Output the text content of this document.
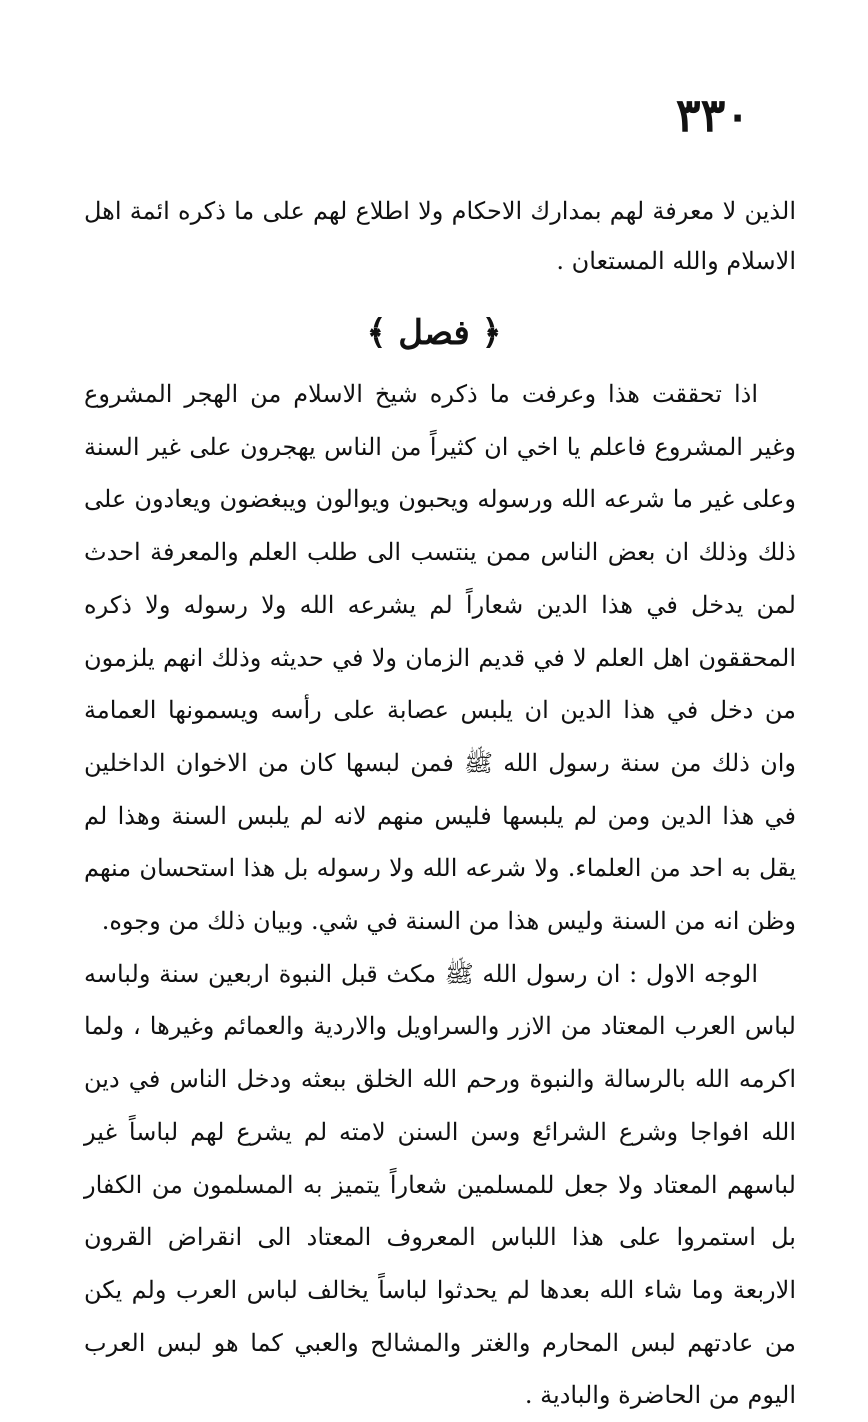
٣٣٠

الذين لا معرفة لهم بمدارك الاحكام ولا اطلاع لهم على ما ذكره ائمة اهل الاسلام والله المستعان .

﴿ فصل ﴾

اذا تحققت هذا وعرفت ما ذكره شيخ الاسلام من الهجر المشروع وغير المشروع فاعلم يا اخي ان كثيراً من الناس يهجرون على غير السنة وعلى غير ما شرعه الله ورسوله ويحبون ويوالون ويبغضون ويعادون على ذلك وذلك ان بعض الناس ممن ينتسب الى طلب العلم والمعرفة احدث لمن يدخل في هذا الدين شعاراً لم يشرعه الله ولا رسوله ولا ذكره المحققون اهل العلم لا في قديم الزمان ولا في حديثه وذلك انهم يلزمون من دخل في هذا الدين ان يلبس عصابة على رأسه ويسمونها العمامة وان ذلك من سنة رسول الله ﷺ فمن لبسها كان من الاخوان الداخلين في هذا الدين ومن لم يلبسها فليس منهم لانه لم يلبس السنة وهذا لم يقل به احد من العلماء. ولا شرعه الله ولا رسوله بل هذا استحسان منهم وظن انه من السنة وليس هذا من السنة في شي. وبيان ذلك من وجوه.

الوجه الاول : ان رسول الله ﷺ مكث قبل النبوة اربعين سنة ولباسه لباس العرب المعتاد من الازر والسراويل والاردية والعمائم وغيرها ، ولما اكرمه الله بالرسالة والنبوة ورحم الله الخلق ببعثه ودخل الناس في دين الله افواجا وشرع الشرائع وسن السنن لامته لم يشرع لهم لباساً غير لباسهم المعتاد ولا جعل للمسلمين شعاراً يتميز به المسلمون من الكفار بل استمروا على هذا اللباس المعروف المعتاد الى انقراض القرون الاربعة وما شاء الله بعدها لم يحدثوا لباساً يخالف لباس العرب ولم يكن من عادتهم لبس المحارم والغتر والمشالح والعبي كما هو لبس العرب اليوم من الحاضرة والبادية .
